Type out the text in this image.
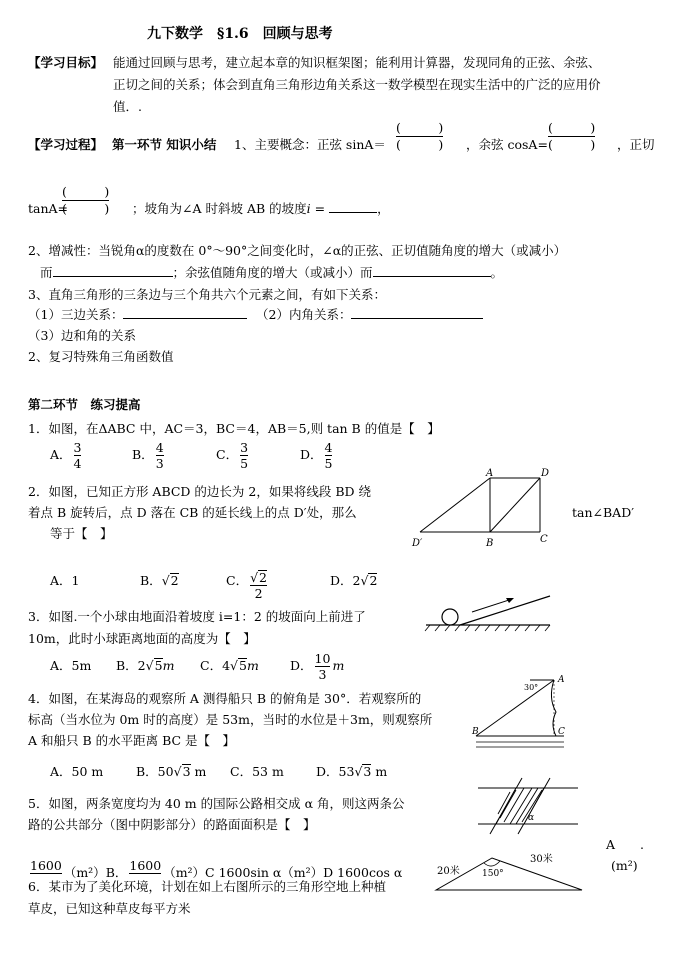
九下数学　§1.6　回顾与思考
【学习目标】 能通过回顾与思考，建立起本章的知识框架图；能利用计算器，发现同角的正弦、余弦、
正切之间的关系；体会到直角三角形边角关系这一数学模型在现实生活中的广泛的应用价
值．.
【学习过程】 第一环节 知识小结 1、主要概念：正弦 $\sin A= \frac{( )}{( )}$ ，余弦 $\cos A= \frac{( )}{( )}$ ，正切
tanA=
$\frac{( )}{( )}$ ；坡角为∠A 时斜坡 AB 的坡度i =	，
2、增减性：当锐角α的度数在 0°～90°之间变化时，∠α的正弦、正切值随角度的增大（或减小）
而	；余弦值随角度的增大（或减小）而	。
3、直角三角形的三条边与三个角共六个元素之间，有如下关系：
（1）三边关系：	（2）内角关系：
（3）边和角的关系
2、复习特殊角三角函数值
第二环节　练习提高
1．如图，在ΔABC 中，AC＝3，BC＝4，AB＝5,则 tan B 的值是【　】
A． $\frac{3}{4}$	B． $\frac{4}{3}$	C． $\frac{3}{5}$	D． $\frac{4}{5}$
2．如图，已知正方形 ABCD 的边长为 2，如果将线段 BD 绕
着点 B 旋转后，点 D 落在 CB 的延长线上的点 D′处，那么	tan∠BAD′
等于【　】
A	D
D′	B	C
A．1	B．√2	C． $\frac{√2}{2}$	D．2√2
3．如图.一个小球由地面沿着坡度 i=1：2 的坡面向上前进了
10m，此时小球距离地面的高度为【　】
A．5m B．2√5m C．4√5m D． $\frac{10}{3}$ m
4．如图，在某海岛的观察所 A 测得船只 B 的俯角是 30°．若观察所的
标高（当水位为 0m 时的高度）是 53m，当时的水位是＋3m，则观察所
A 和船只 B 的水平距离 BC 是【　】
30°
A
B	C
A．50 m	B．50√3 m C．53 m	D．53√3 m
5．如图，两条宽度均为 40 m 的国际公路相交成 α 角，则这两条公
路的公共部分（图中阴影部分）的路面面积是【　】	α
A　　.
(m²)
1600 （m²）B． 1600 （m²）C 1600sin α（m²）D 1600cos α	20米
30米
150°
6．某市为了美化环境，计划在如上右图所示的三角形空地上种植
草皮，已知这种草皮每平方米
